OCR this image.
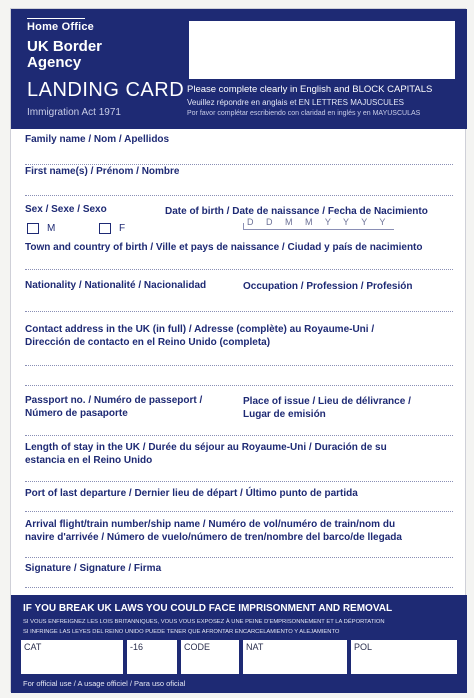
Home Office
UK Border Agency
LANDING CARD
Immigration Act 1971
Please complete clearly in English and BLOCK CAPITALS
Veuillez répondre en anglais et EN LETTRES MAJUSCULES
Por favor complétar escribiendo con claridad en inglés y en MAYUSCULAS
Family name / Nom / Apellidos
First name(s) / Prénom / Nombre
Sex / Sexe / Sexo
M	F
Date of birth / Date de naissance / Fecha de Nacimiento
D D M M Y Y Y Y
Town and country of birth / Ville et pays de naissance / Ciudad y país de nacimiento
Nationality / Nationalité / Nacionalidad	Occupation / Profession / Profesión
Contact address in the UK (in full) / Adresse (complète) au Royaume-Uni /
Dirección de contacto en el Reino Unido (completa)
Passport no. / Numéro de passeport /
Número de pasaporte
Place of issue / Lieu de délivrance /
Lugar de emisión
Length of stay in the UK / Durée du séjour au Royaume-Uni / Duración de su
estancia en el Reino Unido
Port of last departure / Dernier lieu de départ / Último punto de partida
Arrival flight/train number/ship name / Numéro de vol/numéro de train/nom du
navire d'arrivée / Número de vuelo/número de tren/nombre del barco/de llegada
Signature / Signature / Firma
IF YOU BREAK UK LAWS YOU COULD FACE IMPRISONMENT AND REMOVAL
SI VOUS ENFREIGNEZ LES LOIS BRITANNIQUES, VOUS VOUS EXPOSEZ À UNE PEINE D'EMPRISONNEMENT ET LA DÉPORTATION
SI INFRINGE LAS LEYES DEL REINO UNIDO PUEDE TENER QUE AFRONTAR ENCARCELAMIENTO Y ALEJAMIENTO
CAT	-16	CODE	NAT	POL
For official use / A usage officiel / Para uso oficial
